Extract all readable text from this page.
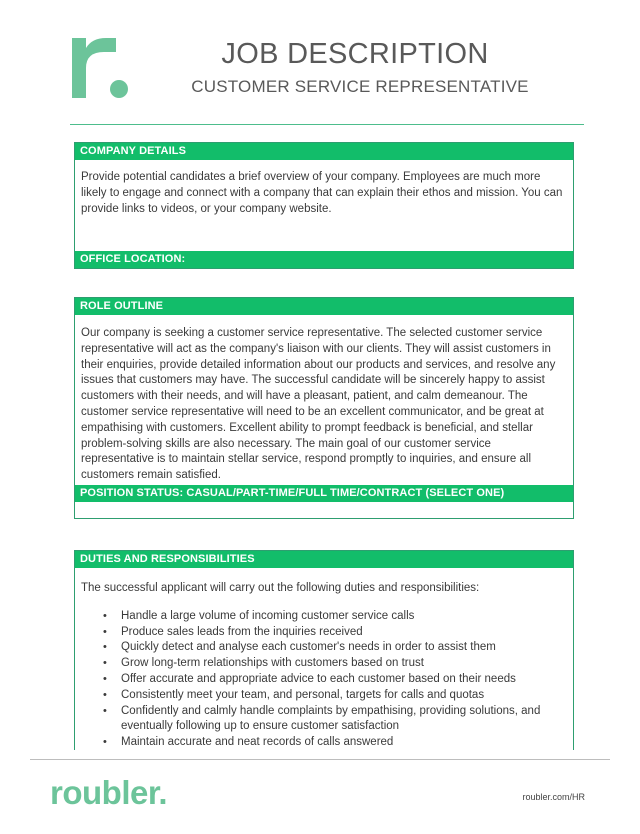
JOB DESCRIPTION
CUSTOMER SERVICE REPRESENTATIVE
COMPANY DETAILS
Provide potential candidates a brief overview of your company. Employees are much more likely to engage and connect with a company that can explain their ethos and mission. You can provide links to videos, or your company website.
OFFICE LOCATION:
ROLE OUTLINE
Our company is seeking a customer service representative. The selected customer service representative will act as the company's liaison with our clients. They will assist customers in their enquiries, provide detailed information about our products and services, and resolve any issues that customers may have. The successful candidate will be sincerely happy to assist customers with their needs, and will have a pleasant, patient, and calm demeanour. The customer service representative will need to be an excellent communicator, and be great at empathising with customers. Excellent ability to prompt feedback is beneficial, and stellar problem-solving skills are also necessary. The main goal of our customer service representative is to maintain stellar service, respond promptly to inquiries, and ensure all customers remain satisfied.
POSITION STATUS: CASUAL/PART-TIME/FULL TIME/CONTRACT (SELECT ONE)
DUTIES AND RESPONSIBILITIES
The successful applicant will carry out the following duties and responsibilities:
• Handle a large volume of incoming customer service calls
• Produce sales leads from the inquiries received
• Quickly detect and analyse each customer's needs in order to assist them
• Grow long-term relationships with customers based on trust
• Offer accurate and appropriate advice to each customer based on their needs
• Consistently meet your team, and personal, targets for calls and quotas
• Confidently and calmly handle complaints by empathising, providing solutions, and eventually following up to ensure customer satisfaction
• Maintain accurate and neat records of calls answered
roubler.	roubler.com/HR
